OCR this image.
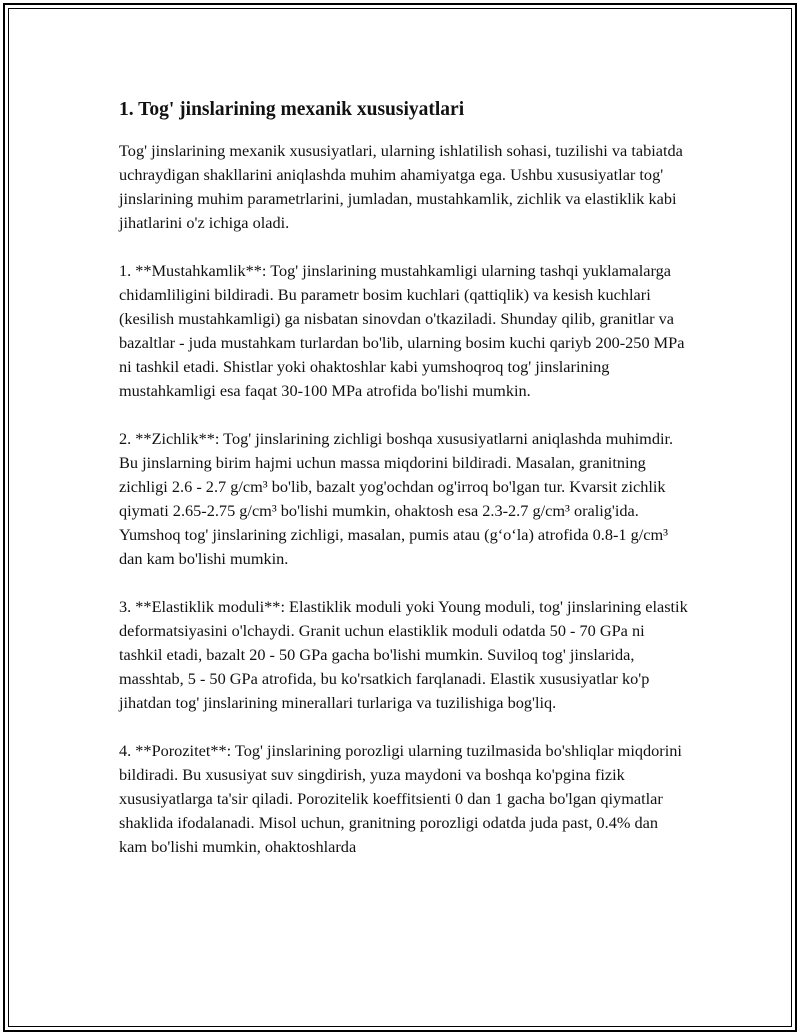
1. Tog' jinslarining mexanik xususiyatlari

Tog' jinslarining mexanik xususiyatlari, ularning ishlatilish sohasi, tuzilishi va tabiatda uchraydigan shakllarini aniqlashda muhim ahamiyatga ega. Ushbu xususiyatlar tog' jinslarining muhim parametrlarini, jumladan, mustahkamlik, zichlik va elastiklik kabi jihatlarini o'z ichiga oladi.

1. **Mustahkamlik**: Tog' jinslarining mustahkamligi ularning tashqi yuklamalarga chidamliligini bildiradi. Bu parametr bosim kuchlari (qattiqlik) va kesish kuchlari (kesilish mustahkamligi) ga nisbatan sinovdan o'tkaziladi. Shunday qilib, granitlar va bazaltlar - juda mustahkam turlardan bo'lib, ularning bosim kuchi qariyb 200-250 MPa ni tashkil etadi. Shistlar yoki ohaktoshlar kabi yumshoqroq tog' jinslarining mustahkamligi esa faqat 30-100 MPa atrofida bo'lishi mumkin.

2. **Zichlik**: Tog' jinslarining zichligi boshqa xususiyatlarni aniqlashda muhimdir. Bu jinslarning birim hajmi uchun massa miqdorini bildiradi. Masalan, granitning zichligi 2.6 - 2.7 g/cm³ bo'lib, bazalt yog'ochdan og'irroq bo'lgan tur. Kvarsit zichlik qiymati 2.65-2.75 g/cm³ bo'lishi mumkin, ohaktosh esa 2.3-2.7 g/cm³ oralig'ida. Yumshoq tog' jinslarining zichligi, masalan, pumis atau (g‘o‘la) atrofida 0.8-1 g/cm³ dan kam bo'lishi mumkin.

3. **Elastiklik moduli**: Elastiklik moduli yoki Young moduli, tog' jinslarining elastik deformatsiyasini o'lchaydi. Granit uchun elastiklik moduli odatda 50 - 70 GPa ni tashkil etadi, bazalt 20 - 50 GPa gacha bo'lishi mumkin. Suviloq tog' jinslarida, masshtab, 5 - 50 GPa atrofida, bu ko'rsatkich farqlanadi. Elastik xususiyatlar ko'p jihatdan tog' jinslarining minerallari turlariga va tuzilishiga bog'liq.

4. **Porozitet**: Tog' jinslarining porozligi ularning tuzilmasida bo'shliqlar miqdorini bildiradi. Bu xususiyat suv singdirish, yuza maydoni va boshqa ko'pgina fizik xususiyatlarga ta'sir qiladi. Porozitelik koeffitsienti 0 dan 1 gacha bo'lgan qiymatlar shaklida ifodalanadi. Misol uchun, granitning porozligi odatda juda past, 0.4% dan kam bo'lishi mumkin, ohaktoshlarda
